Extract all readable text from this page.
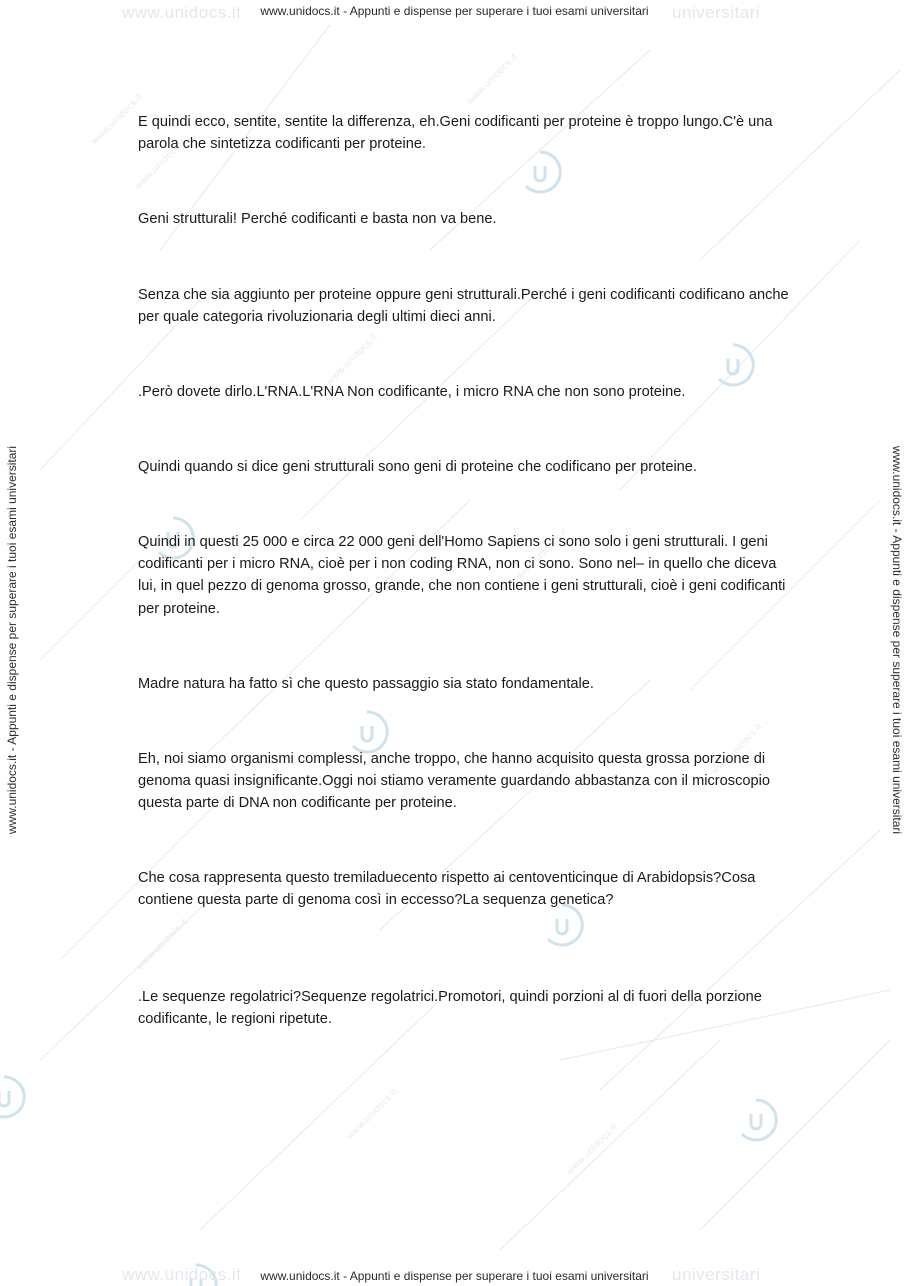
www.unidocs.it
www.unidocs.it
www.unidocs.it
www.unidocs.it
www.unidocs.it
www.unidocs.it
www.unidocs.it
www.unidocs.it
www.unidocs.it
www.unidocs.it	universitari
www.unidocs.it	universitari
www.unidocs.it - Appunti e dispense per superare i tuoi esami universitari
www.unidocs.it - Appunti e dispense per superare i tuoi esami universitari
www.unidocs.it - Appunti e dispense per superare i tuoi esami universitari	www.unidocs.it - Appunti e dispense per superare i tuoi esami universitari

E quindi ecco, sentite, sentite la differenza, eh.Geni codificanti per proteine è troppo lungo.C'è una parola che sintetizza codificanti per proteine.

Geni strutturali! Perché codificanti e basta non va bene.

Senza che sia aggiunto per proteine oppure geni strutturali.Perché i geni codificanti codificano anche per quale categoria rivoluzionaria degli ultimi dieci anni.

.Però dovete dirlo.L'RNA.L'RNA Non codificante, i micro RNA che non sono proteine.

Quindi quando si dice geni strutturali sono geni di proteine che codificano per proteine.

Quindi in questi 25 000 e circa 22 000 geni dell'Homo Sapiens ci sono solo i geni strutturali. I geni codificanti per i micro RNA, cioè per i non coding RNA, non ci sono. Sono nel– in quello che diceva lui, in quel pezzo di genoma grosso, grande, che non contiene i geni strutturali, cioè i geni codificanti per proteine.

Madre natura ha fatto sì che questo passaggio sia stato fondamentale.

Eh, noi siamo organismi complessi, anche troppo, che hanno acquisito questa grossa porzione di genoma quasi insignificante.Oggi noi stiamo veramente guardando abbastanza con il microscopio questa parte di DNA non codificante per proteine.

Che cosa rappresenta questo tremiladuecento rispetto ai centoventicinque di Arabidopsis?Cosa contiene questa parte di genoma così in eccesso?La sequenza genetica?

.Le sequenze regolatrici?Sequenze regolatrici.Promotori, quindi porzioni al di fuori della porzione codificante, le regioni ripetute.
